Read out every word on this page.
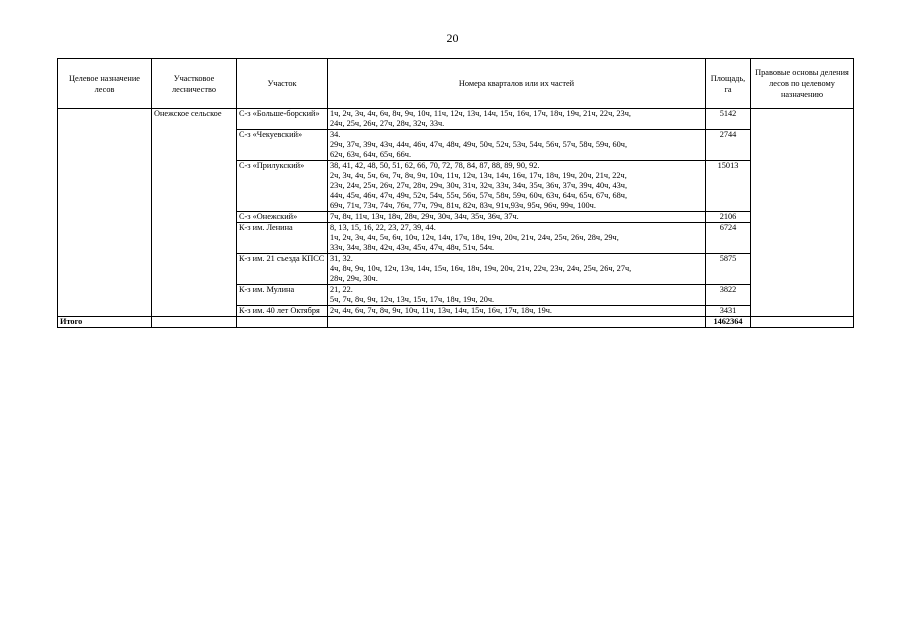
20
Целевое назначение лесов	Участковое лесничество	Участок	Номера кварталов или их частей	Площадь, га	Правовые основы деления лесов по целевому назначению
	Онежское сельское	С-з «Больше-борский»	1ч, 2ч, 3ч, 4ч, 6ч, 8ч, 9ч, 10ч, 11ч, 12ч, 13ч, 14ч, 15ч, 16ч, 17ч, 18ч, 19ч, 21ч, 22ч, 23ч,
24ч, 25ч, 26ч, 27ч, 28ч, 32ч, 33ч.	5142	
		С-з «Чекуевский»	34.
29ч, 37ч, 39ч, 43ч, 44ч, 46ч, 47ч, 48ч, 49ч, 50ч, 52ч, 53ч, 54ч, 56ч, 57ч, 58ч, 59ч, 60ч,
62ч, 63ч, 64ч, 65ч, 66ч.	2744	
		С-з «Прилукский»	38, 41, 42, 48, 50, 51, 62, 66, 70, 72, 78, 84, 87, 88, 89, 90, 92.
2ч, 3ч, 4ч, 5ч, 6ч, 7ч, 8ч, 9ч, 10ч, 11ч, 12ч, 13ч, 14ч, 16ч, 17ч, 18ч, 19ч, 20ч, 21ч, 22ч,
23ч, 24ч, 25ч, 26ч, 27ч, 28ч, 29ч, 30ч, 31ч, 32ч, 33ч, 34ч, 35ч, 36ч, 37ч, 39ч, 40ч, 43ч,
44ч, 45ч, 46ч, 47ч, 49ч, 52ч, 54ч, 55ч, 56ч, 57ч, 58ч, 59ч, 60ч, 63ч, 64ч, 65ч, 67ч, 68ч,
69ч, 71ч, 73ч, 74ч, 76ч, 77ч, 79ч, 81ч, 82ч, 83ч, 91ч,93ч, 95ч, 96ч, 99ч, 100ч.	15013	
		С-з «Онежский»	7ч, 8ч, 11ч, 13ч, 18ч, 28ч, 29ч, 30ч, 34ч, 35ч, 36ч, 37ч.	2106	
		К-з им. Ленина	8, 13, 15, 16, 22, 23, 27, 39, 44.
1ч, 2ч, 3ч, 4ч, 5ч, 6ч, 10ч, 12ч, 14ч, 17ч, 18ч, 19ч, 20ч, 21ч, 24ч, 25ч, 26ч, 28ч, 29ч,
33ч, 34ч, 38ч, 42ч, 43ч, 45ч, 47ч, 48ч, 51ч, 54ч.	6724	
		К-з им. 21 съезда КПСС	31, 32.
4ч, 8ч, 9ч, 10ч, 12ч, 13ч, 14ч, 15ч, 16ч, 18ч, 19ч, 20ч, 21ч, 22ч, 23ч, 24ч, 25ч, 26ч, 27ч,
28ч, 29ч, 30ч.	5875	
		К-з им. Мулина	21, 22.
5ч, 7ч, 8ч, 9ч, 12ч, 13ч, 15ч, 17ч, 18ч, 19ч, 20ч.	3822	
		К-з им. 40 лет Октября	2ч, 4ч, 6ч, 7ч, 8ч, 9ч, 10ч, 11ч, 13ч, 14ч, 15ч, 16ч, 17ч, 18ч, 19ч.	3431	
Итого				1462364	
